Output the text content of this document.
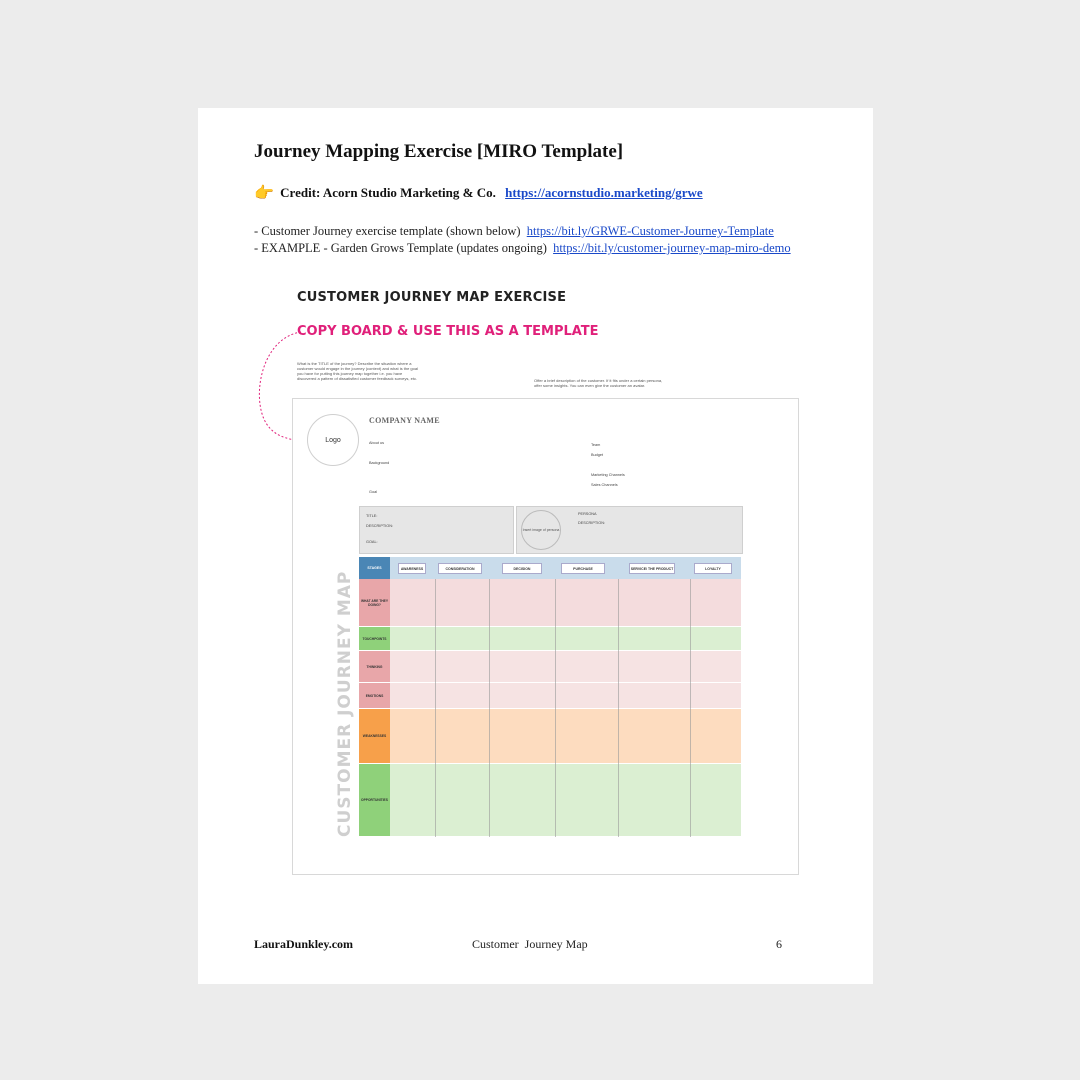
Journey Mapping Exercise [MIRO Template]
👉 Credit: Acorn Studio Marketing & Co. https://acornstudio.marketing/grwe
- Customer Journey exercise template (shown below) https://bit.ly/GRWE-Customer-Journey-Template
- EXAMPLE - Garden Grows Template (updates ongoing) https://bit.ly/customer-journey-map-miro-demo
CUSTOMER JOURNEY MAP EXERCISE
COPY BOARD & USE THIS AS A TEMPLATE
What is the TITLE of the journey? Describe the situation where a customer would engage in the journey (context) and what is the goal you have for putting this journey map together i.e. you have discovered a pattern of dissatisfied customer feedback surveys, etc.	Offer a brief description of the customer. If it fits under a certain persona, offer some insights. You can even give the customer an avatar.
Logo
COMPANY NAME
About us
Background
Goal
Team
Budget
Marketing Channels
Sales Channels
TITLE:
DESCRIPTION:
GOAL:
Insert image of persona
PERSONA
DESCRIPTION:
CUSTOMER JOURNEY MAP
STAGES	AWARENESS	CONSIDERATION	DECISION	PURCHASE	SERVICE/ THE PRODUCT	LOYALTY
WHAT ARE THEY DOING?
TOUCHPOINTS
THINKING
EMOTIONS
WEAKNESSES
OPPORTUNITIES
LauraDunkley.com	Customer  Journey Map	6
